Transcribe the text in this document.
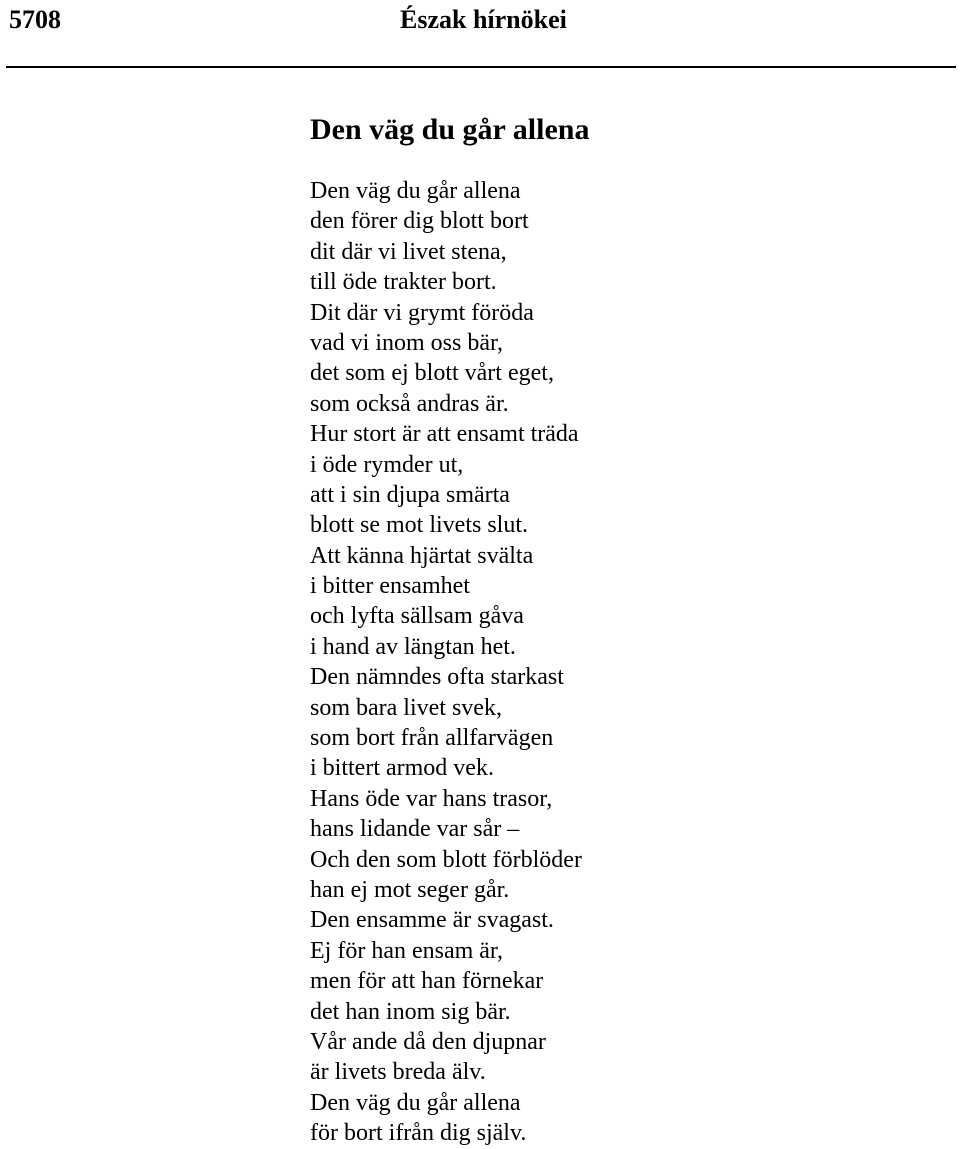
5708	Észak hírnökei
Den väg du går allena
Den väg du går allena
den förer dig blott bort
dit där vi livet stena,
till öde trakter bort.
Dit där vi grymt föröda
vad vi inom oss bär,
det som ej blott vårt eget,
som också andras är.
Hur stort är att ensamt träda
i öde rymder ut,
att i sin djupa smärta
blott se mot livets slut.
Att känna hjärtat svälta
i bitter ensamhet
och lyfta sällsam gåva
i hand av längtan het.
Den nämndes ofta starkast
som bara livet svek,
som bort från allfarvägen
i bittert armod vek.
Hans öde var hans trasor,
hans lidande var sår –
Och den som blott förblöder
han ej mot seger går.
Den ensamme är svagast.
Ej för han ensam är,
men för att han förnekar
det han inom sig bär.
Vår ande då den djupnar
är livets breda älv.
Den väg du går allena
för bort ifrån dig själv.
